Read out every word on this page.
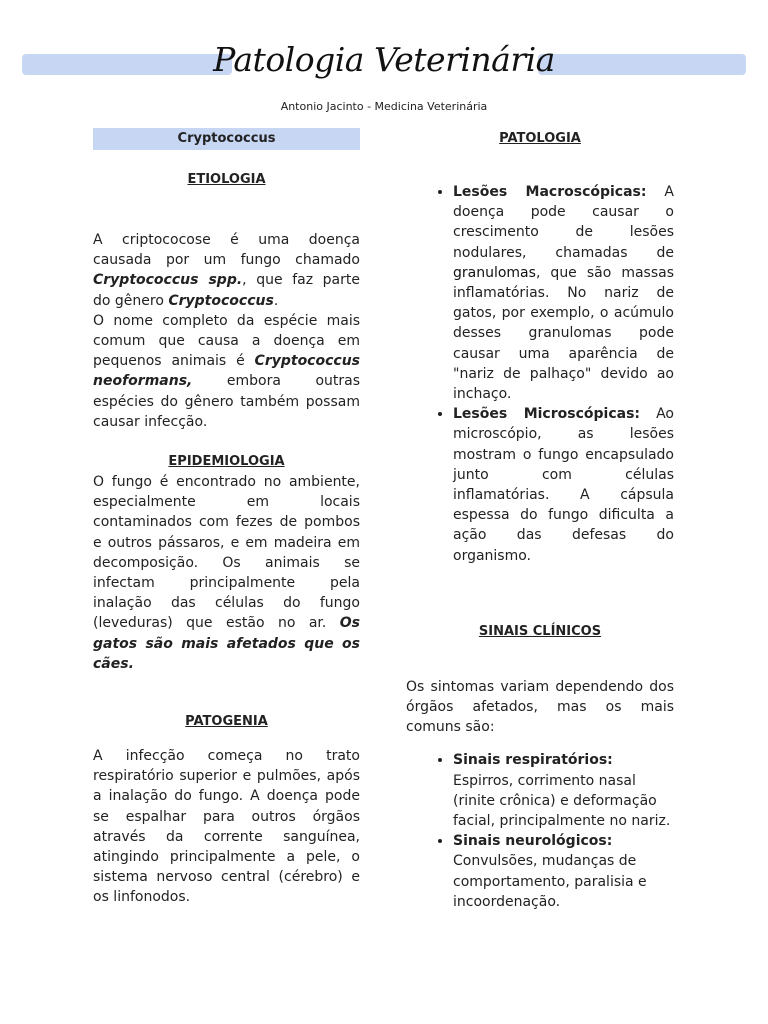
Patologia Veterinária
Antonio Jacinto - Medicina Veterinária
Cryptococcus

ETIOLOGIA

A criptococose é uma doença causada por um fungo chamado Cryptococcus spp., que faz parte do gênero Cryptococcus.

O nome completo da espécie mais comum que causa a doença em pequenos animais é Cryptococcus neoformans, embora outras espécies do gênero também possam causar infecção.

EPIDEMIOLOGIA

O fungo é encontrado no ambiente, especialmente em locais contaminados com fezes de pombos e outros pássaros, e em madeira em decomposição. Os animais se infectam principalmente pela inalação das células do fungo (leveduras) que estão no ar. Os gatos são mais afetados que os cães.

PATOGENIA

A infecção começa no trato respiratório superior e pulmões, após a inalação do fungo. A doença pode se espalhar para outros órgãos através da corrente sanguínea, atingindo principalmente a pele, o sistema nervoso central (cérebro) e os linfonodos.

PATOLOGIA

• Lesões Macroscópicas: A doença pode causar o crescimento de lesões nodulares, chamadas de granulomas, que são massas inflamatórias. No nariz de gatos, por exemplo, o acúmulo desses granulomas pode causar uma aparência de "nariz de palhaço" devido ao inchaço.
• Lesões Microscópicas: Ao microscópio, as lesões mostram o fungo encapsulado junto com células inflamatórias. A cápsula espessa do fungo dificulta a ação das defesas do organismo.

SINAIS CLÍNICOS

Os sintomas variam dependendo dos órgãos afetados, mas os mais comuns são:

• Sinais respiratórios: Espirros, corrimento nasal (rinite crônica) e deformação facial, principalmente no nariz.
• Sinais neurológicos:
Convulsões, mudanças de comportamento, paralisia e incoordenação.
